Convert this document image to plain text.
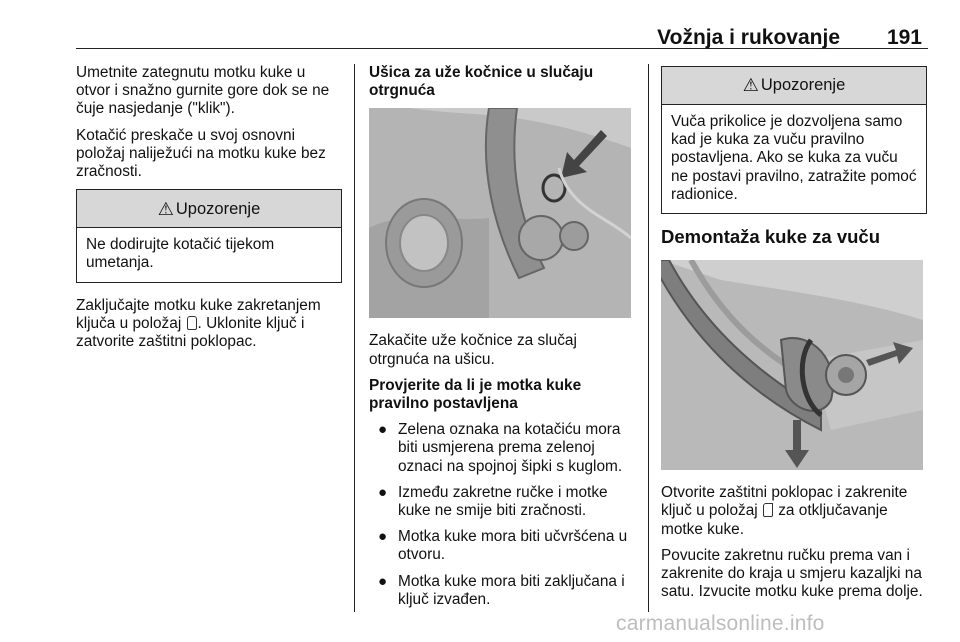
Vožnja i rukovanje 191

Umetnite zategnutu motku kuke u otvor i snažno gurnite gore dok se ne čuje nasjedanje ("klik").

Kotačić preskače u svoj osnovni položaj naliježući na motku kuke bez zračnosti.

⚠ Upozorenje
Ne dodirujte kotačić tijekom umetanja.

Zaključajte motku kuke zakretanjem ključa u položaj . Uklonite ključ i zatvorite zaštitni poklopac.

Ušica za uže kočnice u slučaju otrgnuća

Zakačite uže kočnice za slučaj otrgnuća na ušicu.

Provjerite da li je motka kuke pravilno postavljena
● Zelena oznaka na kotačiću mora biti usmjerena prema zelenoj oznaci na spojnoj šipki s kuglom.
● Između zakretne ručke i motke kuke ne smije biti zračnosti.
● Motka kuke mora biti učvršćena u otvoru.
● Motka kuke mora biti zaključana i ključ izvađen.
⚠ Upozorenje
Vuča prikolice je dozvoljena samo kad je kuka za vuču pravilno postavljena. Ako se kuka za vuču ne postavi pravilno, zatražite pomoć radionice.
Demontaža kuke za vuču

Otvorite zaštitni poklopac i zakrenite ključ u položaj  za otključavanje motke kuke.

Povucite zakretnu ručku prema van i zakrenite do kraja u smjeru kazaljki na satu. Izvucite motku kuke prema dolje.

carmanualsonline.info
